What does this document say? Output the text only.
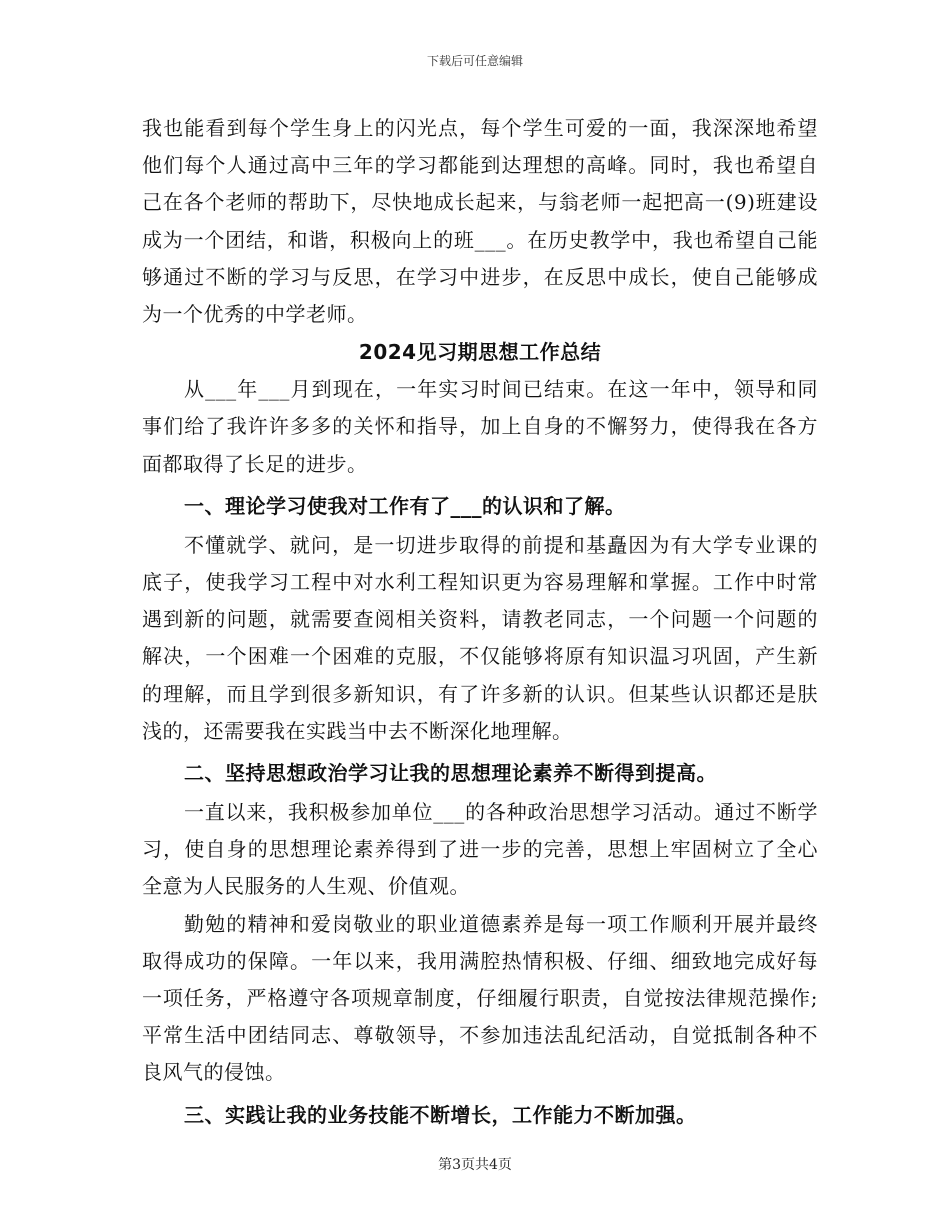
下载后可任意编辑

我也能看到每个学生身上的闪光点，每个学生可爱的一面，我深深地希望他们每个人通过高中三年的学习都能到达理想的高峰。同时，我也希望自己在各个老师的帮助下，尽快地成长起来，与翁老师一起把高一(9)班建设成为一个团结，和谐，积极向上的班___。在历史教学中，我也希望自己能够通过不断的学习与反思，在学习中进步，在反思中成长，使自己能够成为一个优秀的中学老师。

2024见习期思想工作总结

从___年___月到现在，一年实习时间已结束。在这一年中，领导和同事们给了我许许多多的关怀和指导，加上自身的不懈努力，使得我在各方面都取得了长足的进步。

一、理论学习使我对工作有了___的认识和了解。

不懂就学、就问，是一切进步取得的前提和基矗因为有大学专业课的底子，使我学习工程中对水利工程知识更为容易理解和掌握。工作中时常遇到新的问题，就需要查阅相关资料，请教老同志，一个问题一个问题的解决，一个困难一个困难的克服，不仅能够将原有知识温习巩固，产生新的理解，而且学到很多新知识，有了许多新的认识。但某些认识都还是肤浅的，还需要我在实践当中去不断深化地理解。

二、坚持思想政治学习让我的思想理论素养不断得到提高。

一直以来，我积极参加单位___的各种政治思想学习活动。通过不断学习，使自身的思想理论素养得到了进一步的完善，思想上牢固树立了全心全意为人民服务的人生观、价值观。

勤勉的精神和爱岗敬业的职业道德素养是每一项工作顺利开展并最终取得成功的保障。一年以来，我用满腔热情积极、仔细、细致地完成好每一项任务，严格遵守各项规章制度，仔细履行职责，自觉按法律规范操作;平常生活中团结同志、尊敬领导，不参加违法乱纪活动，自觉抵制各种不良风气的侵蚀。

三、实践让我的业务技能不断增长，工作能力不断加强。

第3页共4页
